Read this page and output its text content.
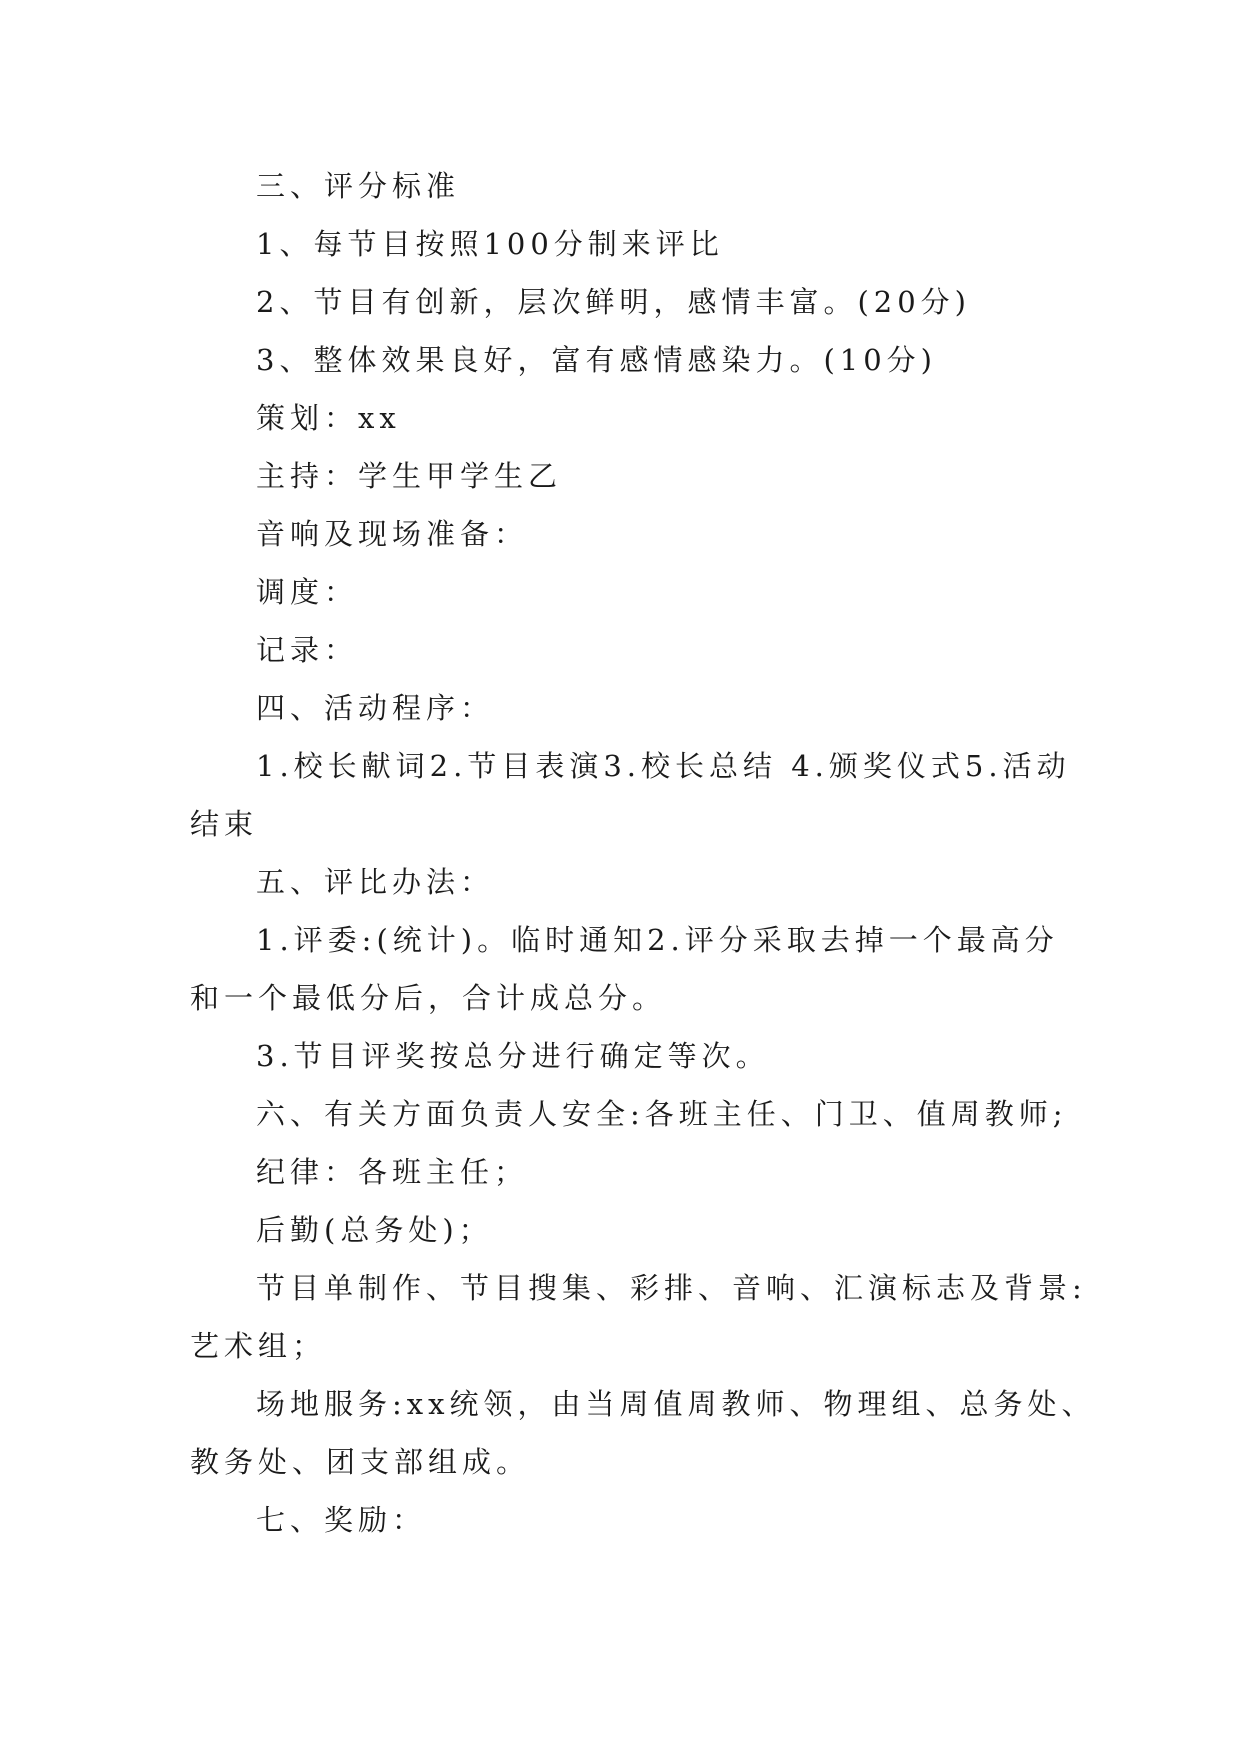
三、评分标准
1、每节目按照100分制来评比
2、节目有创新，层次鲜明，感情丰富。(20分)
3、整体效果良好，富有感情感染力。(10分)
策划：xx
主持：学生甲学生乙
音响及现场准备：
调度：
记录：
四、活动程序：
1.校长献词2.节目表演3.校长总结 4.颁奖仪式5.活动
结束
五、评比办法：
1.评委:(统计)。临时通知2.评分采取去掉一个最高分
和一个最低分后，合计成总分。
3.节目评奖按总分进行确定等次。
六、有关方面负责人安全:各班主任、门卫、值周教师;
纪律：各班主任；
后勤(总务处)；
节目单制作、节目搜集、彩排、音响、汇演标志及背景:
艺术组；
场地服务:xx统领，由当周值周教师、物理组、总务处、
教务处、团支部组成。
七、奖励：
